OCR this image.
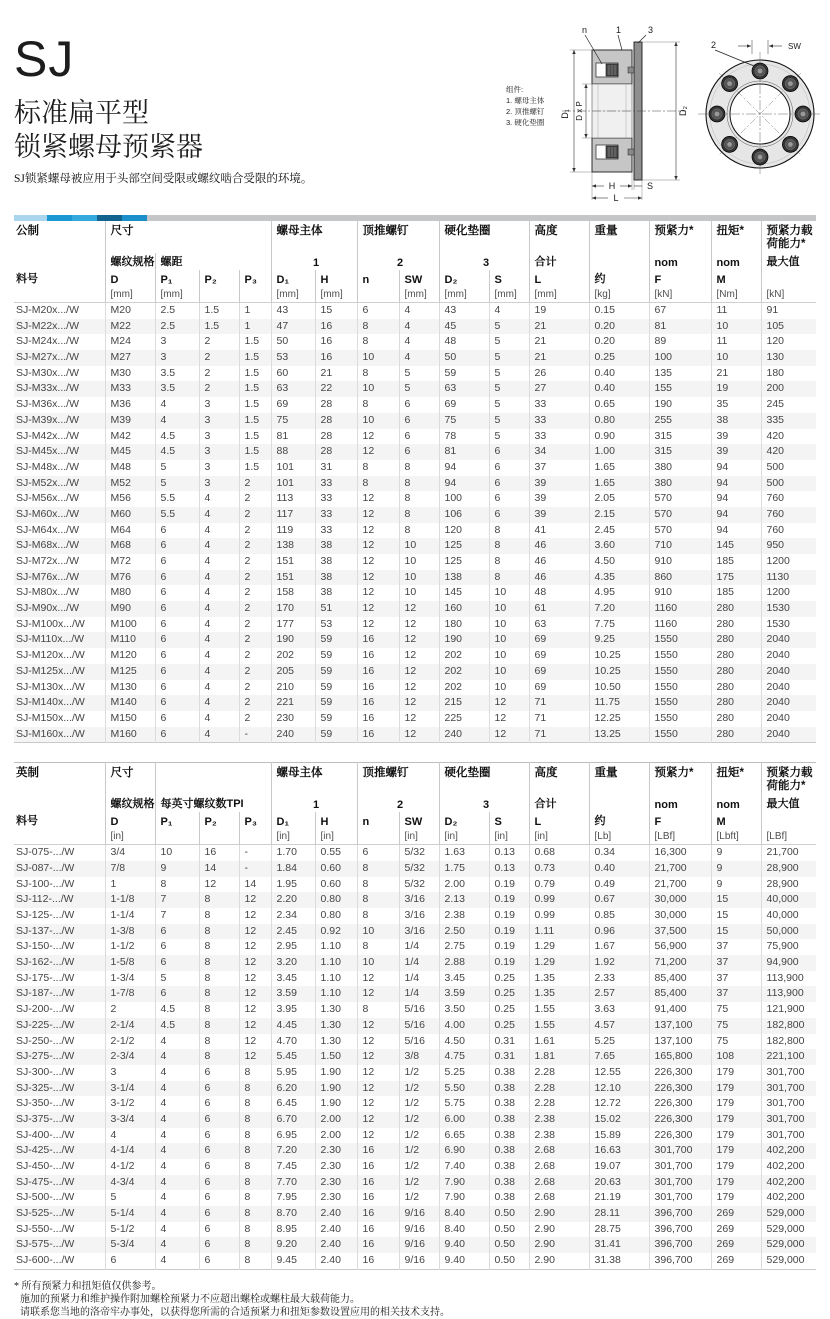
SJ
标准扁平型
锁紧螺母预紧器

SJ锁紧螺母被应用于头部空间受限或螺纹啮合受限的环境。

组件:
1. 螺母主体
2. 顶推螺钉
3. 硬化垫圈
n	1	3
D₁ D x P	D₂
H	S
L
2	SW
公制	尺寸				螺母主体		顶推螺钉		硬化垫圈		高度	重量	预紧力*	扭矩*	预紧力载荷能力*
	螺纹规格	螺距			1		2		3		合计		nom	nom	最大值
料号	D	P₁	P₂	P₃	D₁	H	n	SW	D₂	S	L	约	F	M	
	[mm]	[mm]			[mm]	[mm]		[mm]	[mm]	[mm]	[mm]	[kg]	[kN]	[Nm]	[kN]
SJ-M20x.../W	M20	2.5	1.5	1	43	15	6	4	43	4	19	0.15	67	11	91
SJ-M22x.../W	M22	2.5	1.5	1	47	16	8	4	45	5	21	0.20	81	10	105
SJ-M24x.../W	M24	3	2	1.5	50	16	8	4	48	5	21	0.20	89	11	120
SJ-M27x.../W	M27	3	2	1.5	53	16	10	4	50	5	21	0.25	100	10	130
SJ-M30x.../W	M30	3.5	2	1.5	60	21	8	5	59	5	26	0.40	135	21	180
SJ-M33x.../W	M33	3.5	2	1.5	63	22	10	5	63	5	27	0.40	155	19	200
SJ-M36x.../W	M36	4	3	1.5	69	28	8	6	69	5	33	0.65	190	35	245
SJ-M39x.../W	M39	4	3	1.5	75	28	10	6	75	5	33	0.80	255	38	335
SJ-M42x.../W	M42	4.5	3	1.5	81	28	12	6	78	5	33	0.90	315	39	420
SJ-M45x.../W	M45	4.5	3	1.5	88	28	12	6	81	6	34	1.00	315	39	420
SJ-M48x.../W	M48	5	3	1.5	101	31	8	8	94	6	37	1.65	380	94	500
SJ-M52x.../W	M52	5	3	2	101	33	8	8	94	6	39	1.65	380	94	500
SJ-M56x.../W	M56	5.5	4	2	113	33	12	8	100	6	39	2.05	570	94	760
SJ-M60x.../W	M60	5.5	4	2	117	33	12	8	106	6	39	2.15	570	94	760
SJ-M64x.../W	M64	6	4	2	119	33	12	8	120	8	41	2.45	570	94	760
SJ-M68x.../W	M68	6	4	2	138	38	12	10	125	8	46	3.60	710	145	950
SJ-M72x.../W	M72	6	4	2	151	38	12	10	125	8	46	4.50	910	185	1200
SJ-M76x.../W	M76	6	4	2	151	38	12	10	138	8	46	4.35	860	175	1130
SJ-M80x.../W	M80	6	4	2	158	38	12	10	145	10	48	4.95	910	185	1200
SJ-M90x.../W	M90	6	4	2	170	51	12	12	160	10	61	7.20	1160	280	1530
SJ-M100x.../W	M100	6	4	2	177	53	12	12	180	10	63	7.75	1160	280	1530
SJ-M110x.../W	M110	6	4	2	190	59	16	12	190	10	69	9.25	1550	280	2040
SJ-M120x.../W	M120	6	4	2	202	59	16	12	202	10	69	10.25	1550	280	2040
SJ-M125x.../W	M125	6	4	2	205	59	16	12	202	10	69	10.25	1550	280	2040
SJ-M130x.../W	M130	6	4	2	210	59	16	12	202	10	69	10.50	1550	280	2040
SJ-M140x.../W	M140	6	4	2	221	59	16	12	215	12	71	11.75	1550	280	2040
SJ-M150x.../W	M150	6	4	2	230	59	16	12	225	12	71	12.25	1550	280	2040
SJ-M160x.../W	M160	6	4	-	240	59	16	12	240	12	71	13.25	1550	280	2040
英制	尺寸				螺母主体		顶推螺钉		硬化垫圈		高度	重量	预紧力*	扭矩*	预紧力载荷能力*
	螺纹规格	每英寸螺纹数TPI			1		2		3		合计		nom	nom	最大值
料号	D	P₁	P₂	P₃	D₁	H	n	SW	D₂	S	L	约	F	M	
	[in]				[in]	[in]		[in]	[in]	[in]	[in]	[Lb]	[LBf]	[Lbft]	[LBf]
SJ-075-.../W	3/4	10	16	-	1.70	0.55	6	5/32	1.63	0.13	0.68	0.34	16,300	9	21,700
SJ-087-.../W	7/8	9	14	-	1.84	0.60	8	5/32	1.75	0.13	0.73	0.40	21,700	9	28,900
SJ-100-.../W	1	8	12	14	1.95	0.60	8	5/32	2.00	0.19	0.79	0.49	21,700	9	28,900
SJ-112-.../W	1-1/8	7	8	12	2.20	0.80	8	3/16	2.13	0.19	0.99	0.67	30,000	15	40,000
SJ-125-.../W	1-1/4	7	8	12	2.34	0.80	8	3/16	2.38	0.19	0.99	0.85	30,000	15	40,000
SJ-137-.../W	1-3/8	6	8	12	2.45	0.92	10	3/16	2.50	0.19	1.11	0.96	37,500	15	50,000
SJ-150-.../W	1-1/2	6	8	12	2.95	1.10	8	1/4	2.75	0.19	1.29	1.67	56,900	37	75,900
SJ-162-.../W	1-5/8	6	8	12	3.20	1.10	10	1/4	2.88	0.19	1.29	1.92	71,200	37	94,900
SJ-175-.../W	1-3/4	5	8	12	3.45	1.10	12	1/4	3.45	0.25	1.35	2.33	85,400	37	113,900
SJ-187-.../W	1-7/8	6	8	12	3.59	1.10	12	1/4	3.59	0.25	1.35	2.57	85,400	37	113,900
SJ-200-.../W	2	4.5	8	12	3.95	1.30	8	5/16	3.50	0.25	1.55	3.63	91,400	75	121,900
SJ-225-.../W	2-1/4	4.5	8	12	4.45	1.30	12	5/16	4.00	0.25	1.55	4.57	137,100	75	182,800
SJ-250-.../W	2-1/2	4	8	12	4.70	1.30	12	5/16	4.50	0.31	1.61	5.25	137,100	75	182,800
SJ-275-.../W	2-3/4	4	8	12	5.45	1.50	12	3/8	4.75	0.31	1.81	7.65	165,800	108	221,100
SJ-300-.../W	3	4	6	8	5.95	1.90	12	1/2	5.25	0.38	2.28	12.55	226,300	179	301,700
SJ-325-.../W	3-1/4	4	6	8	6.20	1.90	12	1/2	5.50	0.38	2.28	12.10	226,300	179	301,700
SJ-350-.../W	3-1/2	4	6	8	6.45	1.90	12	1/2	5.75	0.38	2.28	12.72	226,300	179	301,700
SJ-375-.../W	3-3/4	4	6	8	6.70	2.00	12	1/2	6.00	0.38	2.38	15.02	226,300	179	301,700
SJ-400-.../W	4	4	6	8	6.95	2.00	12	1/2	6.65	0.38	2.38	15.89	226,300	179	301,700
SJ-425-.../W	4-1/4	4	6	8	7.20	2.30	16	1/2	6.90	0.38	2.68	16.63	301,700	179	402,200
SJ-450-.../W	4-1/2	4	6	8	7.45	2.30	16	1/2	7.40	0.38	2.68	19.07	301,700	179	402,200
SJ-475-.../W	4-3/4	4	6	8	7.70	2.30	16	1/2	7.90	0.38	2.68	20.63	301,700	179	402,200
SJ-500-.../W	5	4	6	8	7.95	2.30	16	1/2	7.90	0.38	2.68	21.19	301,700	179	402,200
SJ-525-.../W	5-1/4	4	6	8	8.70	2.40	16	9/16	8.40	0.50	2.90	28.11	396,700	269	529,000
SJ-550-.../W	5-1/2	4	6	8	8.95	2.40	16	9/16	8.40	0.50	2.90	28.75	396,700	269	529,000
SJ-575-.../W	5-3/4	4	6	8	9.20	2.40	16	9/16	9.40	0.50	2.90	31.41	396,700	269	529,000
SJ-600-.../W	6	4	6	8	9.45	2.40	16	9/16	9.40	0.50	2.90	31.38	396,700	269	529,000
* 所有预紧力和扭矩值仅供参考。
施加的预紧力和维护操作附加螺栓预紧力不应超出螺栓或螺柱最大载荷能力。
请联系您当地的洛帝牢办事处，以获得您所需的合适预紧力和扭矩参数设置应用的相关技术支持。
